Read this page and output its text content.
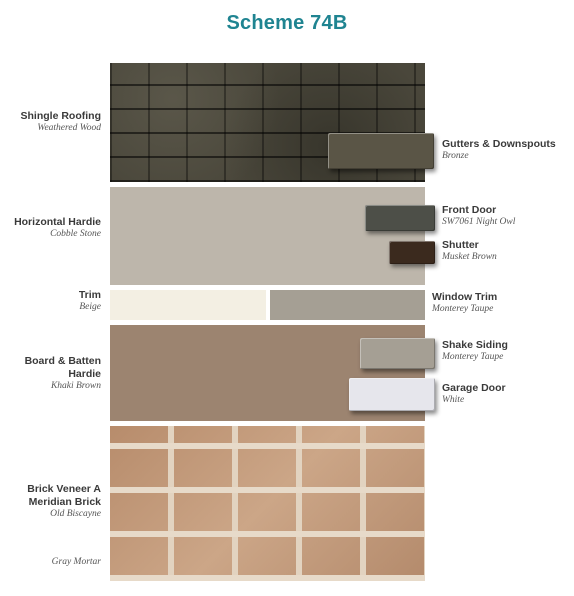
Scheme 74B
Shingle Roofing
Weathered Wood
Horizontal Hardie
Cobble Stone
Trim
Beige
Board & Batten
Hardie
Khaki Brown
Brick Veneer A
Meridian Brick
Old Biscayne
Gray Mortar
Gutters & Downspouts
Bronze
Front Door
SW7061 Night Owl
Shutter
Musket Brown
Window Trim
Monterey Taupe
Shake Siding
Monterey Taupe
Garage Door
White
